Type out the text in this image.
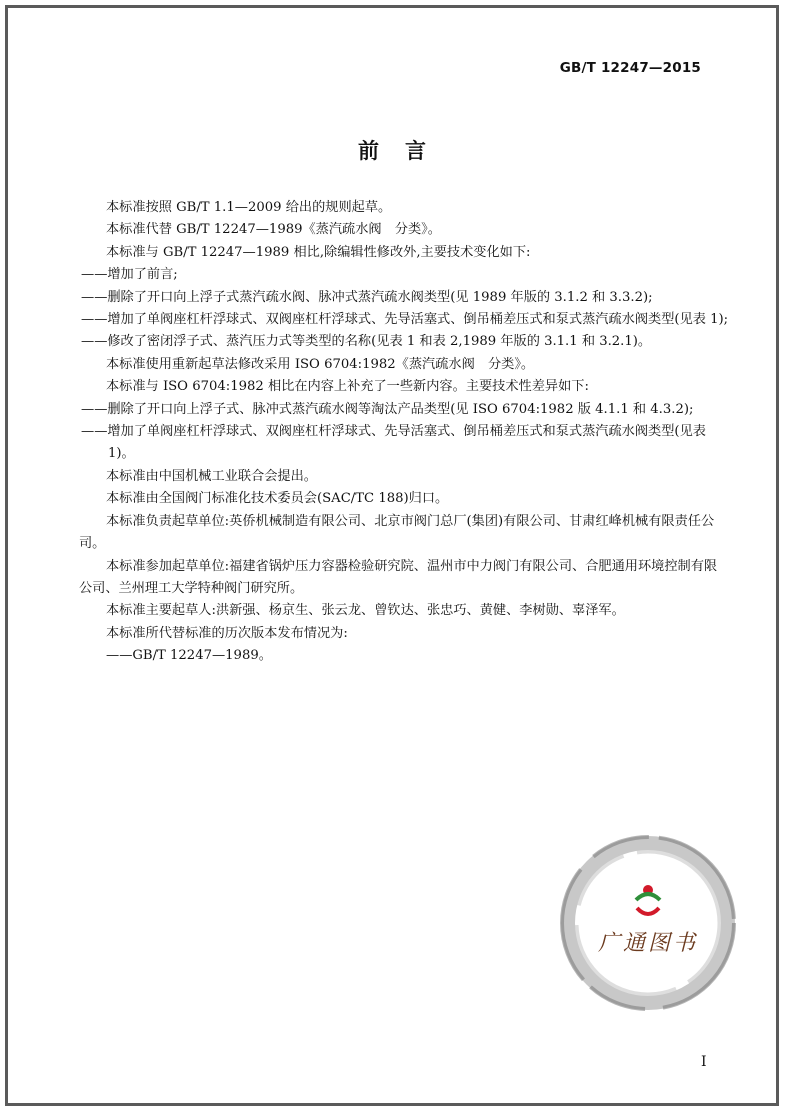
GB/T 12247—2015
前言

本标准按照 GB/T 1.1—2009 给出的规则起草。

本标准代替 GB/T 12247—1989《蒸汽疏水阀　分类》。

本标准与 GB/T 12247—1989 相比,除编辑性修改外,主要技术变化如下:

——增加了前言;

——删除了开口向上浮子式蒸汽疏水阀、脉冲式蒸汽疏水阀类型(见 1989 年版的 3.1.2 和 3.3.2);

——增加了单阀座杠杆浮球式、双阀座杠杆浮球式、先导活塞式、倒吊桶差压式和泵式蒸汽疏水阀类型(见表 1);

——修改了密闭浮子式、蒸汽压力式等类型的名称(见表 1 和表 2,1989 年版的 3.1.1 和 3.2.1)。

本标准使用重新起草法修改采用 ISO 6704:1982《蒸汽疏水阀　分类》。

本标准与 ISO 6704:1982 相比在内容上补充了一些新内容。主要技术性差异如下:

——删除了开口向上浮子式、脉冲式蒸汽疏水阀等淘汰产品类型(见 ISO 6704:1982 版 4.1.1 和 4.3.2);

——增加了单阀座杠杆浮球式、双阀座杠杆浮球式、先导活塞式、倒吊桶差压式和泵式蒸汽疏水阀类型(见表 1)。

本标准由中国机械工业联合会提出。

本标准由全国阀门标准化技术委员会(SAC/TC 188)归口。

本标准负责起草单位:英侨机械制造有限公司、北京市阀门总厂(集团)有限公司、甘肃红峰机械有限责任公司。

本标准参加起草单位:福建省锅炉压力容器检验研究院、温州市中力阀门有限公司、合肥通用环境控制有限公司、兰州理工大学特种阀门研究所。

本标准主要起草人:洪新强、杨京生、张云龙、曾钦达、张忠巧、黄健、李树勋、辜泽军。

本标准所代替标准的历次版本发布情况为:

——GB/T 12247—1989。

广通图书
I
